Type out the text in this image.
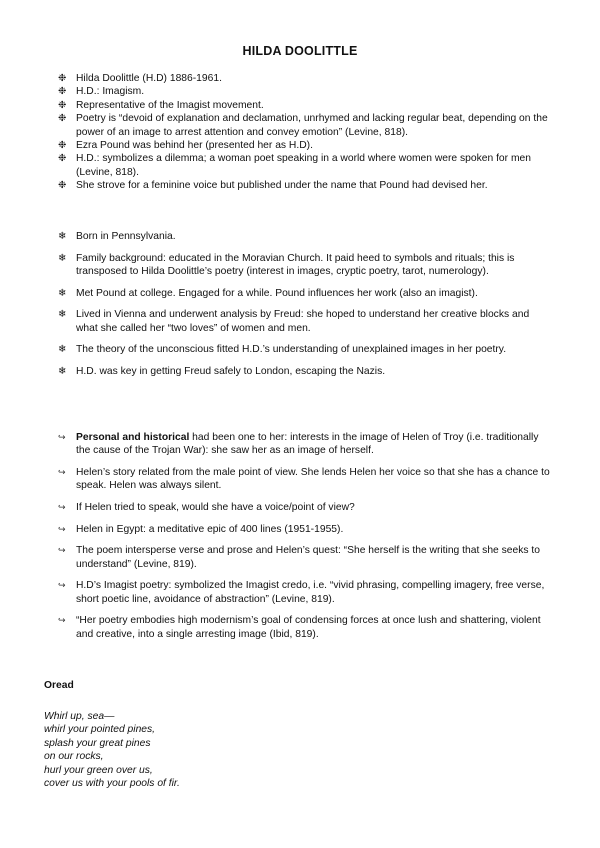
HILDA DOOLITTLE
❉ Hilda Doolittle (H.D) 1886-1961.
❉ H.D.: Imagism.
❉ Representative of the Imagist movement.
❉ Poetry is “devoid of explanation and declamation, unrhymed and lacking regular beat, depending on the power of an image to arrest attention and convey emotion” (Levine, 818).
❉ Ezra Pound was behind her (presented her as H.D).
❉ H.D.: symbolizes a dilemma; a woman poet speaking in a world where women were spoken for men (Levine, 818).
❉ She strove for a feminine voice but published under the name that Pound had devised her.
❄ Born in Pennsylvania.
❄ Family background: educated in the Moravian Church. It paid heed to symbols and rituals; this is transposed to Hilda Doolittle’s poetry (interest in images, cryptic poetry, tarot, numerology).
❄ Met Pound at college. Engaged for a while. Pound influences her work (also an imagist).
❄ Lived in Vienna and underwent analysis by Freud: she hoped to understand her creative blocks and what she called her “two loves” of women and men.
❄ The theory of the unconscious fitted H.D.’s understanding of unexplained images in her poetry.
❄ H.D. was key in getting Freud safely to London, escaping the Nazis.
↪	Personal and historical had been one to her: interests in the image of Helen of Troy (i.e. traditionally the cause of the Trojan War): she saw her as an image of herself.
↪	Helen’s story related from the male point of view. She lends Helen her voice so that she has a chance to speak. Helen was always silent.
↪	If Helen tried to speak, would she have a voice/point of view?
↪	Helen in Egypt: a meditative epic of 400 lines (1951-1955).
↪	The poem intersperse verse and prose and Helen’s quest: “She herself is the writing that she seeks to understand” (Levine, 819).
↪	H.D’s Imagist poetry: symbolized the Imagist credo, i.e. “vivid phrasing, compelling imagery, free verse, short poetic line, avoidance of abstraction” (Levine, 819).
↪	“Her poetry embodies high modernism’s goal of condensing forces at once lush and shattering, violent and creative, into a single arresting image (Ibid, 819).
Oread
Whirl up, sea—
whirl your pointed pines,
splash your great pines
on our rocks,
hurl your green over us,
cover us with your pools of fir.
